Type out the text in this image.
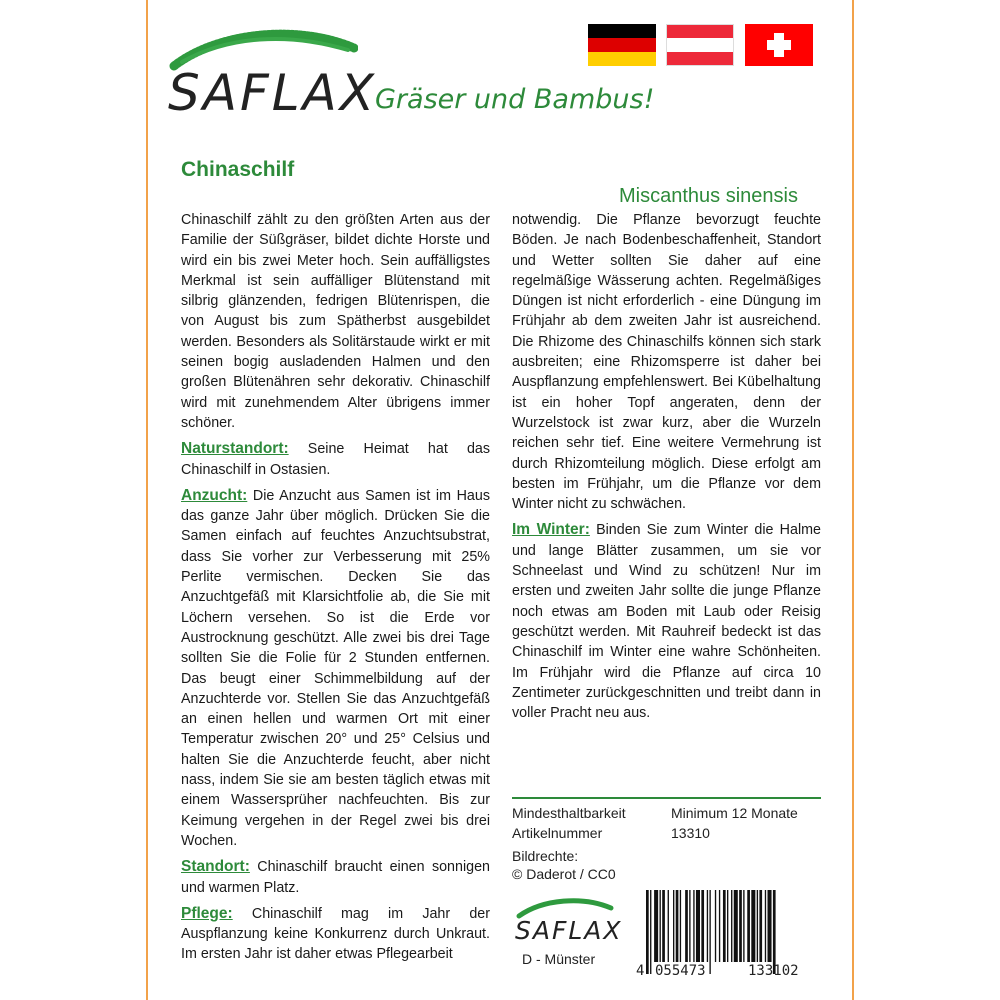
SAFLAX
Gräser und Bambus!
Chinaschilf
Miscanthus sinensis

Chinaschilf zählt zu den größten Arten aus der Familie der Süßgräser, bildet dichte Horste und wird ein bis zwei Meter hoch. Sein auffälligstes Merkmal ist sein auffälliger Blütenstand mit silbrig glänzenden, fedrigen Blütenrispen, die von August bis zum Spätherbst ausgebildet werden. Besonders als Solitärstaude wirkt er mit seinen bogig ausladenden Halmen und den großen Blütenähren sehr dekorativ. Chinaschilf wird mit zunehmendem Alter übrigens immer schöner.

Naturstandort: Seine Heimat hat das Chinaschilf in Ostasien.

Anzucht: Die Anzucht aus Samen ist im Haus das ganze Jahr über möglich. Drücken Sie die Samen einfach auf feuchtes Anzuchtsubstrat, dass Sie vorher zur Verbesserung mit 25% Perlite vermischen. Decken Sie das Anzuchtgefäß mit Klarsichtfolie ab, die Sie mit Löchern versehen. So ist die Erde vor Austrocknung geschützt. Alle zwei bis drei Tage sollten Sie die Folie für 2 Stunden entfernen. Das beugt einer Schimmelbildung auf der Anzuchterde vor. Stellen Sie das Anzuchtgefäß an einen hellen und warmen Ort mit einer Temperatur zwischen 20° und 25° Celsius und halten Sie die Anzuchterde feucht, aber nicht nass, indem Sie sie am besten täglich etwas mit einem Wassersprüher nachfeuchten. Bis zur Keimung vergehen in der Regel zwei bis drei Wochen.

Standort: Chinaschilf braucht einen sonnigen und warmen Platz.

Pflege: Chinaschilf mag im Jahr der Auspflanzung keine Konkurrenz durch Unkraut. Im ersten Jahr ist daher etwas Pflegearbeit

notwendig. Die Pflanze bevorzugt feuchte Böden. Je nach Bodenbeschaffenheit, Standort und Wetter sollten Sie daher auf eine regelmäßige Wässerung achten. Regelmäßiges Düngen ist nicht erforderlich - eine Düngung im Frühjahr ab dem zweiten Jahr ist ausreichend. Die Rhizome des Chinaschilfs können sich stark ausbreiten; eine Rhizomsperre ist daher bei Auspflanzung empfehlenswert. Bei Kübelhaltung ist ein hoher Topf angeraten, denn der Wurzelstock ist zwar kurz, aber die Wurzeln reichen sehr tief. Eine weitere Vermehrung ist durch Rhizomteilung möglich. Diese erfolgt am besten im Frühjahr, um die Pflanze vor dem Winter nicht zu schwächen.

Im Winter: Binden Sie zum Winter die Halme und lange Blätter zusammen, um sie vor Schneelast und Wind zu schützen! Nur im ersten und zweiten Jahr sollte die junge Pflanze noch etwas am Boden mit Laub oder Reisig geschützt werden. Mit Rauhreif bedeckt ist das Chinaschilf im Winter eine wahre Schönheiten. Im Frühjahr wird die Pflanze auf circa 10 Zentimeter zurückgeschnitten und treibt dann in voller Pracht neu aus.

Mindesthaltbarkeit	Minimum 12 Monate
Artikelnummer	13310
Bildrechte:
© Daderot / CC0
SAFLAX
D - Münster
4 055473	133102
